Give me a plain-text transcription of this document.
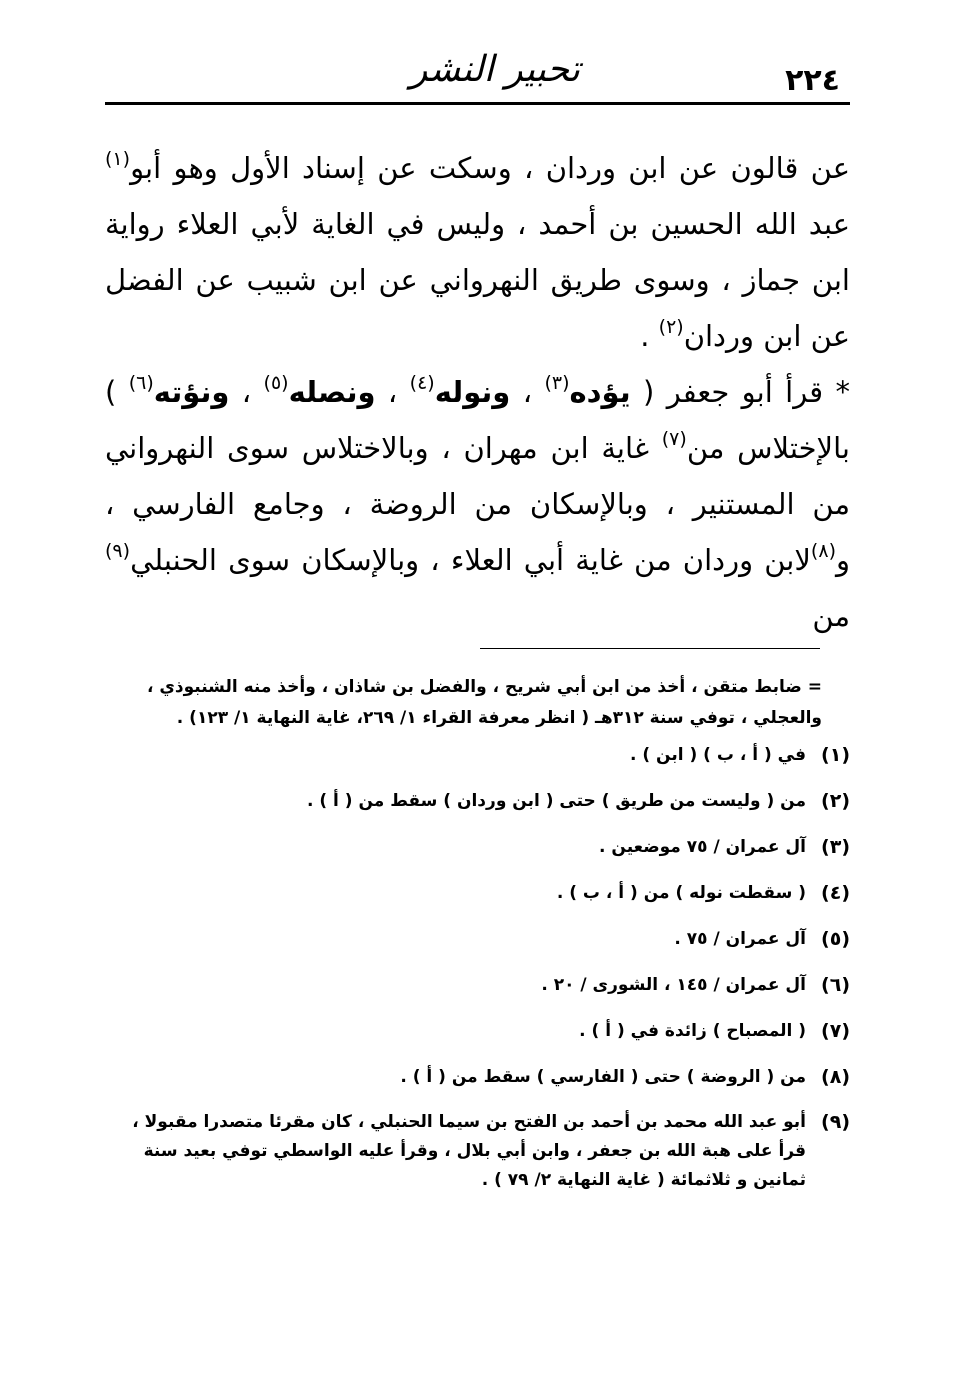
٢٢٤
تحبير النشر

عن قالون عن ابن وردان ، وسكت عن إسناد الأول وهو أبو$^{(١)}$ عبد الله الحسين بن أحمد ، وليس في الغاية لأبي العلاء رواية ابن جماز ، وسوى طريق النهرواني عن ابن شبيب عن الفضل عن ابن وردان$^{(٢)}$ .

* قرأ أبو جعفر ( يؤده$^{(٣)}$ ، ونوله$^{(٤)}$ ، ونصله$^{(٥)}$ ، ونؤته$^{(٦)}$ ) بالإختلاس من$^{(٧)}$ غاية ابن مهران ، وبالاختلاس سوى النهرواني من المستنير ، وبالإسكان من الروضة ، وجامع الفارسي ، و$^{(٨)}$لابن وردان من غاية أبي العلاء ، وبالإسكان سوى الحنبلي$^{(٩)}$ من

= ضابط متقن ، أخذ من ابن أبي شريح ، والفضل بن شاذان ، وأخذ منه الشنبوذي ، والعجلي ، توفي سنة ٣١٢هـ ( انظر معرفة القراء ١/ ٢٦٩، غاية النهاية ١/ ١٢٣) .
(١)
في ( أ ، ب ) ( ابن ) .
(٢)
من ( وليست من طريق ) حتى ( ابن وردان ) سقط من ( أ ) .
(٣)
آل عمران / ٧٥ موضعين .
(٤)
( سقطت نوله ) من ( أ ، ب ) .
(٥)
آل عمران / ٧٥ .
(٦)
آل عمران / ١٤٥ ، الشورى / ٢٠ .
(٧)
( المصباح ) زائدة في ( أ ) .
(٨)
من ( الروضة ) حتى ( الفارسي ) سقط من ( أ ) .
(٩)
أبو عبد الله محمد بن أحمد بن الفتح بن سيما الحنبلي ، كان مقرئا متصدرا مقبولا ، قرأ على هبة الله بن جعفر ، وابن أبي بلال ، وقرأ عليه الواسطي توفي بعيد سنة ثمانين و ثلاثمائة ( غاية النهاية ٢/ ٧٩ ) .
